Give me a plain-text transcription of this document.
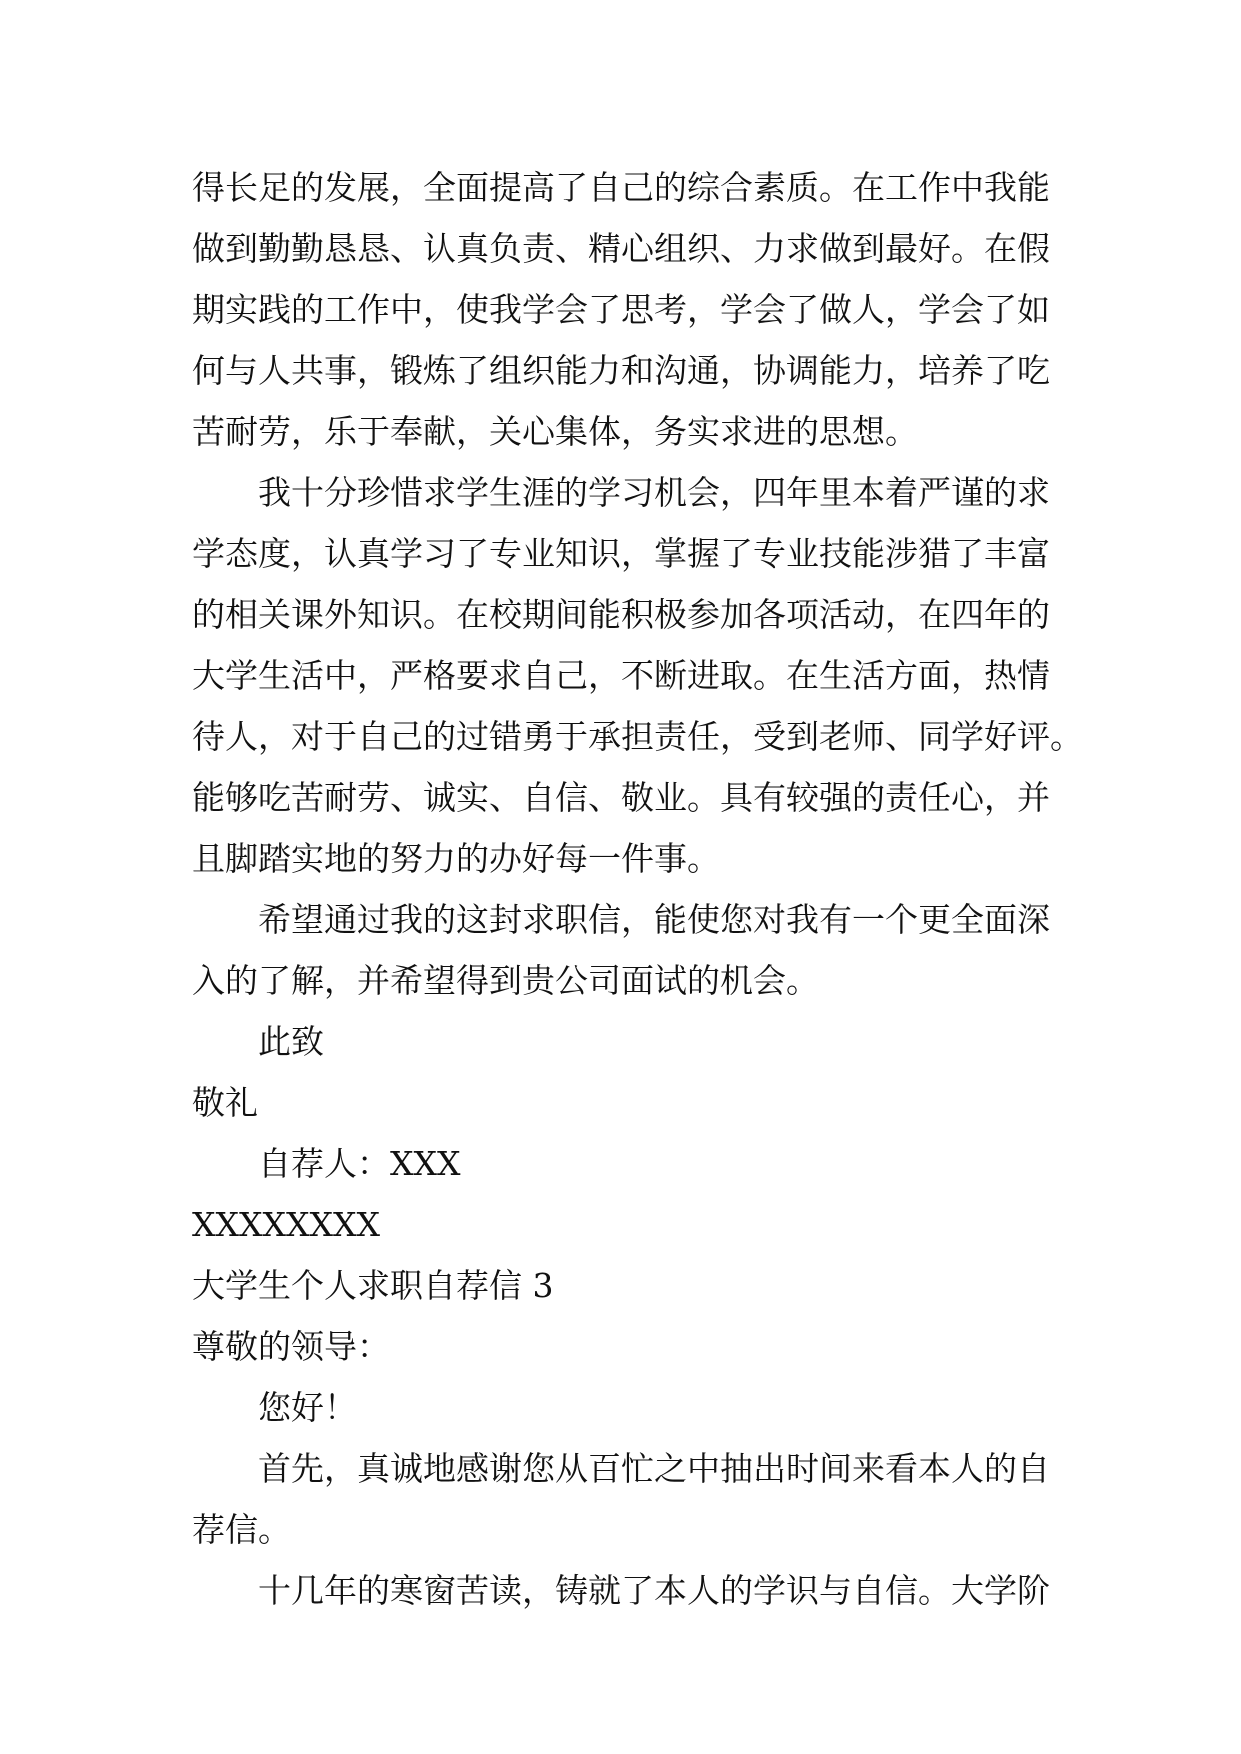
得长足的发展，全面提高了自己的综合素质。在工作中我能
做到勤勤恳恳、认真负责、精心组织、力求做到最好。在假
期实践的工作中，使我学会了思考，学会了做人，学会了如
何与人共事，锻炼了组织能力和沟通，协调能力，培养了吃
苦耐劳，乐于奉献，关心集体，务实求进的思想。
我十分珍惜求学生涯的学习机会，四年里本着严谨的求
学态度，认真学习了专业知识，掌握了专业技能涉猎了丰富
的相关课外知识。在校期间能积极参加各项活动，在四年的
大学生活中，严格要求自己，不断进取。在生活方面，热情
待人，对于自己的过错勇于承担责任，受到老师、同学好评。
能够吃苦耐劳、诚实、自信、敬业。具有较强的责任心，并
且脚踏实地的努力的办好每一件事。
希望通过我的这封求职信，能使您对我有一个更全面深
入的了解，并希望得到贵公司面试的机会。
此致
敬礼
自荐人：XXX
XXXXXXXX
大学生个人求职自荐信 3
尊敬的领导：
您好！
首先，真诚地感谢您从百忙之中抽出时间来看本人的自
荐信。
十几年的寒窗苦读，铸就了本人的学识与自信。大学阶
